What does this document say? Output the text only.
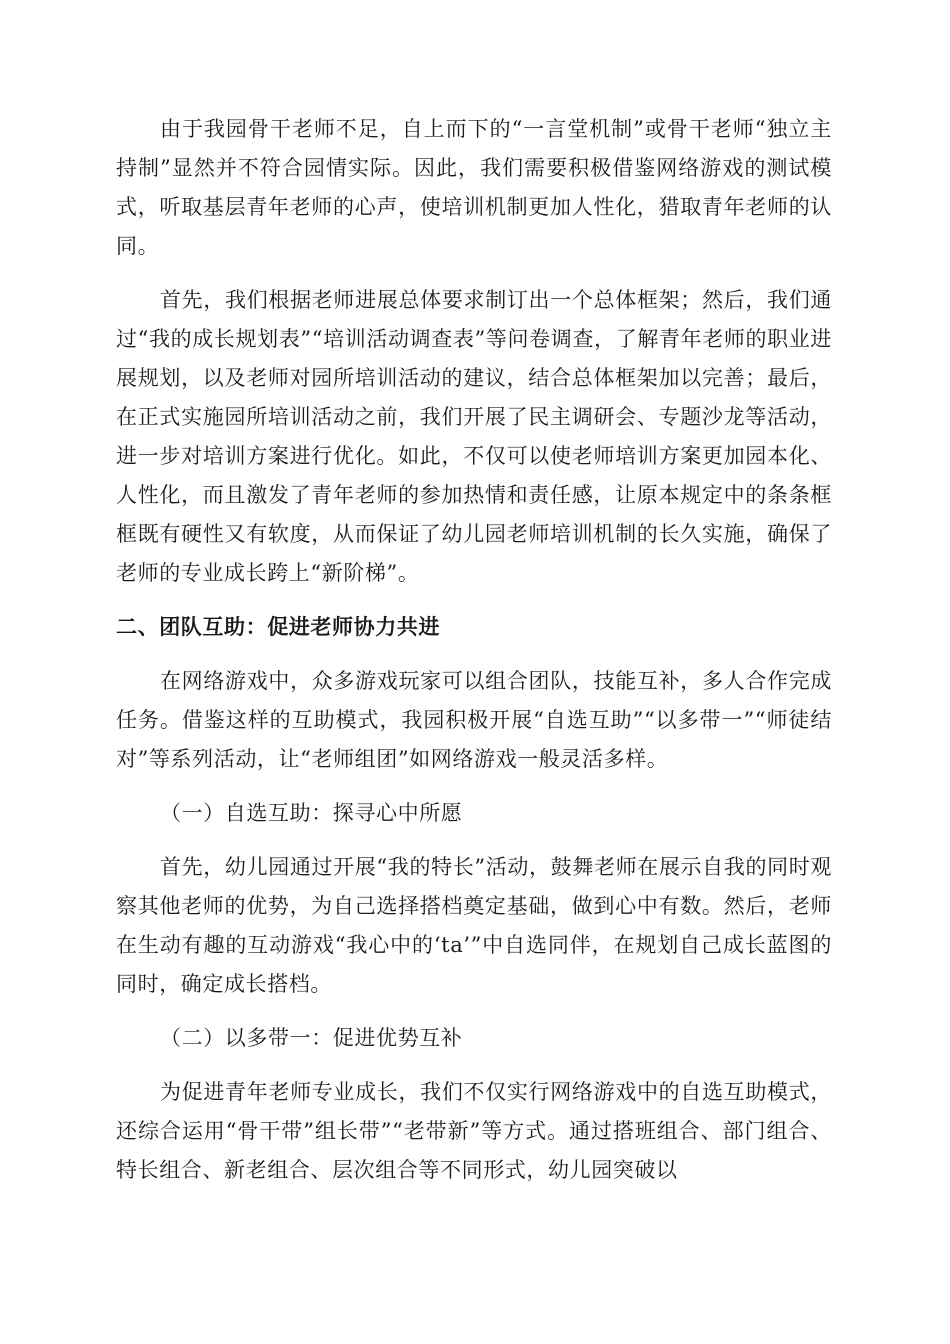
由于我园骨干老师不足，自上而下的“一言堂机制”或骨干老师“独立主持制”显然并不符合园情实际。因此，我们需要积极借鉴网络游戏的测试模式，听取基层青年老师的心声，使培训机制更加人性化，猎取青年老师的认同。

首先，我们根据老师进展总体要求制订出一个总体框架；然后，我们通过“我的成长规划表”“培训活动调查表”等问卷调查，了解青年老师的职业进展规划，以及老师对园所培训活动的建议，结合总体框架加以完善；最后，在正式实施园所培训活动之前，我们开展了民主调研会、专题沙龙等活动，进一步对培训方案进行优化。如此，不仅可以使老师培训方案更加园本化、人性化，而且激发了青年老师的参加热情和责任感，让原本规定中的条条框框既有硬性又有软度，从而保证了幼儿园老师培训机制的长久实施，确保了老师的专业成长跨上“新阶梯”。

二、团队互助：促进老师协力共进

在网络游戏中，众多游戏玩家可以组合团队，技能互补，多人合作完成任务。借鉴这样的互助模式，我园积极开展“自选互助”“以多带一”“师徒结对”等系列活动，让“老师组团”如网络游戏一般灵活多样。

（一）自选互助：探寻心中所愿

首先，幼儿园通过开展“我的特长”活动，鼓舞老师在展示自我的同时观察其他老师的优势，为自己选择搭档奠定基础，做到心中有数。然后，老师在生动有趣的互动游戏“我心中的‘ta’”中自选同伴，在规划自己成长蓝图的同时，确定成长搭档。

（二）以多带一：促进优势互补

为促进青年老师专业成长，我们不仅实行网络游戏中的自选互助模式，还综合运用“骨干带”组长带”“老带新”等方式。通过搭班组合、部门组合、特长组合、新老组合、层次组合等不同形式，幼儿园突破以
